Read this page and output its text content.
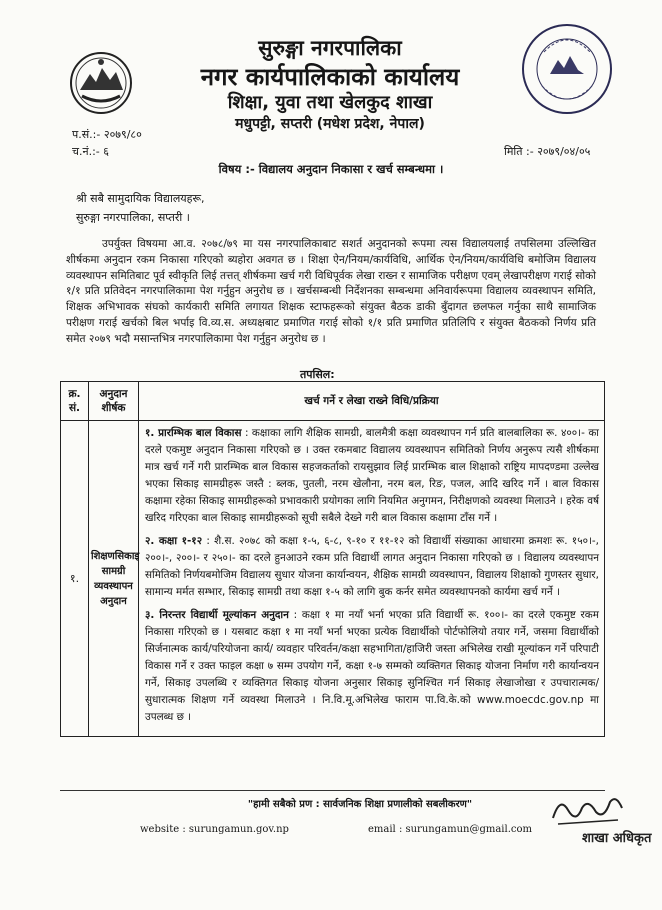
सुरुङ्गा नगरपालिका
नगर कार्यपालिकाको कार्यालय
शिक्षा, युवा तथा खेलकुद शाखा
मधुपट्टी, सप्तरी (मधेश प्रदेश, नेपाल)
प.सं.:- २०७९/८०
च.नं.:- ६	मिति :- २०७९/०४/०५
विषय :- विद्यालय अनुदान निकासा र खर्च सम्बन्धमा ।
श्री सबै सामुदायिक विद्यालयहरू,
सुरुङ्गा नगरपालिका, सप्तरी ।
उपर्युक्त विषयमा आ.व. २०७८/७९ मा यस नगरपालिकाबाट सशर्त अनुदानको रूपमा त्यस विद्यालयलाई तपसिलमा उल्लिखित शीर्षकमा अनुदान रकम निकासा गरिएको ब्यहोरा अवगत छ । शिक्षा ऐन/नियम/कार्यविधि, आर्थिक ऐन/नियम/कार्यविधि बमोजिम विद्यालय व्यवस्थापन समितिबाट पूर्व स्वीकृति लिई तत्तत् शीर्षकमा खर्च गरी विधिपूर्वक लेखा राख्न र सामाजिक परीक्षण एवम् लेखापरीक्षण गराई सोको १/१ प्रति प्रतिवेदन नगरपालिकामा पेश गर्नुहुन अनुरोध छ । खर्चसम्बन्धी निर्देशनका सम्बन्धमा अनिवार्यरूपमा विद्यालय व्यवस्थापन समिति, शिक्षक अभिभावक संघको कार्यकारी समिति लगायत शिक्षक स्टाफहरूको संयुक्त बैठक डाकी बुँदागत छलफल गर्नुका साथै सामाजिक परीक्षण गराई खर्चको बिल भर्पाइ वि.व्य.स. अध्यक्षबाट प्रमाणित गराई सोको १/१ प्रति प्रमाणित प्रतिलिपि र संयुक्त बैठकको निर्णय प्रति समेत २०७९ भदौ मसान्तभित्र नगरपालिकामा पेश गर्नुहुन अनुरोध छ ।
तपसिल:
क्र. सं.	अनुदान शीर्षक	खर्च गर्ने र लेखा राख्ने विधि/प्रक्रिया
१.	शिक्षणसिकाइ सामग्री व्यवस्थापन अनुदान	१. प्रारम्भिक बाल विकास : कक्षाका लागि शैक्षिक सामग्री, बालमैत्री कक्षा व्यवस्थापन गर्न प्रति बालबालिका रू. ४००।- का दरले एकमुष्ट अनुदान निकासा गरिएको छ । उक्त रकमबाट विद्यालय व्यवस्थापन समितिको निर्णय अनुरूप त्यसै शीर्षकमा मात्र खर्च गर्ने गरी प्रारम्भिक बाल विकास सहजकर्ताको रायसुझाव लिई प्रारम्भिक बाल शिक्षाको राष्ट्रिय मापदण्डमा उल्लेख भएका सिकाइ सामग्रीहरू जस्तै : ब्लक, पुतली, नरम खेलौना, नरम बल, रिङ, पजल, आदि खरिद गर्ने । बाल विकास कक्षामा रहेका सिकाइ सामग्रीहरूको प्रभावकारी प्रयोगका लागि नियमित अनुगमन, निरीक्षणको व्यवस्था मिलाउने । हरेक वर्ष खरिद गरिएका बाल सिकाइ सामग्रीहरूको सूची सबैले देख्ने गरी बाल विकास कक्षामा टाँस गर्ने ।
२. कक्षा १-१२ : शै.स. २०७८ को कक्षा १-५, ६-८, ९-१० र ११-१२ को विद्यार्थी संख्याका आधारमा क्रमशः रू. १५०।-, २००।-, २००।- र २५०।- का दरले हुनआउने रकम प्रति विद्यार्थी लागत अनुदान निकासा गरिएको छ । विद्यालय व्यवस्थापन समितिको निर्णयबमोजिम विद्यालय सुधार योजना कार्यान्वयन, शैक्षिक सामग्री व्यवस्थापन, विद्यालय शिक्षाको गुणस्तर सुधार, सामान्य मर्मत सम्भार, सिकाइ सामग्री तथा कक्षा १-५ को लागि बुक कर्नर समेत व्यवस्थापनको कार्यमा खर्च गर्ने ।
३. निरन्तर विद्यार्थी मूल्यांकन अनुदान : कक्षा १ मा नयाँ भर्ना भएका प्रति विद्यार्थी रू. १००।- का दरले एकमुष्ट रकम निकासा गरिएको छ । यसबाट कक्षा १ मा नयाँ भर्ना भएका प्रत्येक विद्यार्थीको पोर्टफोलियो तयार गर्ने, जसमा विद्यार्थीको सिर्जनात्मक कार्य/परियोजना कार्य/ व्यवहार परिवर्तन/कक्षा सहभागिता/हाजिरी जस्ता अभिलेख राखी मूल्यांकन गर्ने परिपाटी विकास गर्ने र उक्त फाइल कक्षा ७ सम्म उपयोग गर्ने, कक्षा १-७ सम्मको व्यक्तिगत सिकाइ योजना निर्माण गरी कार्यान्वयन गर्ने, सिकाइ उपलब्धि र व्यक्तिगत सिकाइ योजना अनुसार सिकाइ सुनिश्चित गर्न सिकाइ लेखाजोखा र उपचारात्मक/सुधारात्मक शिक्षण गर्ने व्यवस्था मिलाउने । नि.वि.मू.अभिलेख फाराम पा.वि.के.को www.moecdc.gov.np मा उपलब्ध छ ।
"हामी सबैको प्रण : सार्वजनिक शिक्षा प्रणालीको सबलीकरण"
website : surungamun.gov.np	email : surungamun@gmail.com
शाखा अधिकृत
